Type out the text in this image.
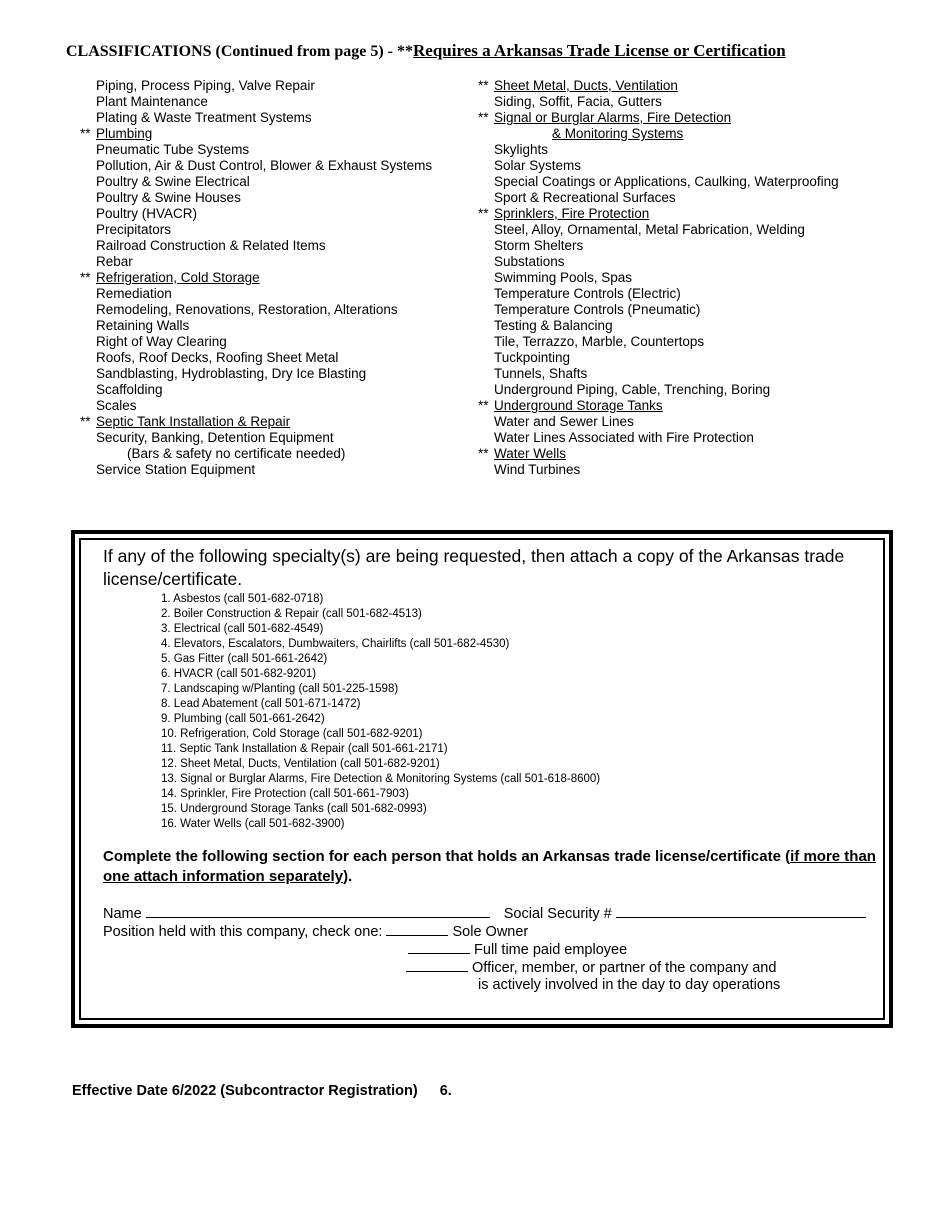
CLASSIFICATIONS (Continued from page 5) - **Requires a Arkansas Trade License or Certification
Piping, Process Piping, Valve Repair
Plant Maintenance
Plating & Waste Treatment Systems
** Plumbing
Pneumatic Tube Systems
Pollution, Air & Dust Control, Blower & Exhaust Systems
Poultry & Swine Electrical
Poultry & Swine Houses
Poultry (HVACR)
Precipitators
Railroad Construction & Related Items
Rebar
** Refrigeration, Cold Storage
Remediation
Remodeling, Renovations, Restoration, Alterations
Retaining Walls
Right of Way Clearing
Roofs, Roof Decks, Roofing Sheet Metal
Sandblasting, Hydroblasting, Dry Ice Blasting
Scaffolding
Scales
** Septic Tank Installation & Repair
Security, Banking, Detention Equipment
(Bars & safety no certificate needed)
Service Station Equipment
** Sheet Metal, Ducts, Ventilation
Siding, Soffit, Facia, Gutters
** Signal or Burglar Alarms, Fire Detection
& Monitoring Systems
Skylights
Solar Systems
Special Coatings or Applications, Caulking, Waterproofing
Sport & Recreational Surfaces
** Sprinklers, Fire Protection
Steel, Alloy, Ornamental, Metal Fabrication, Welding
Storm Shelters
Substations
Swimming Pools, Spas
Temperature Controls (Electric)
Temperature Controls (Pneumatic)
Testing & Balancing
Tile, Terrazzo, Marble, Countertops
Tuckpointing
Tunnels, Shafts
Underground Piping, Cable, Trenching, Boring
** Underground Storage Tanks
Water and Sewer Lines
Water Lines Associated with Fire Protection
** Water Wells
Wind Turbines
If any of the following specialty(s) are being requested, then attach a copy of the Arkansas trade license/certificate.
1. Asbestos (call 501-682-0718)
2. Boiler Construction & Repair (call 501-682-4513)
3. Electrical (call 501-682-4549)
4. Elevators, Escalators, Dumbwaiters, Chairlifts (call 501-682-4530)
5. Gas Fitter (call 501-661-2642)
6. HVACR (call 501-682-9201)
7. Landscaping w/Planting (call 501-225-1598)
8. Lead Abatement (call 501-671-1472)
9. Plumbing (call 501-661-2642)
10. Refrigeration, Cold Storage (call 501-682-9201)
11. Septic Tank Installation & Repair (call 501-661-2171)
12. Sheet Metal, Ducts, Ventilation (call 501-682-9201)
13. Signal or Burglar Alarms, Fire Detection & Monitoring Systems (call 501-618-8600)
14. Sprinkler, Fire Protection (call 501-661-7903)
15. Underground Storage Tanks (call 501-682-0993)
16. Water Wells (call 501-682-3900)
Complete the following section for each person that holds an Arkansas trade license/certificate (if more than one attach information separately).
Name	Social Security #
Position held with this company, check one:	Sole Owner
Full time paid employee
Officer, member, or partner of the company and
is actively involved in the day to day operations
Effective Date 6/2022 (Subcontractor Registration) 6.
